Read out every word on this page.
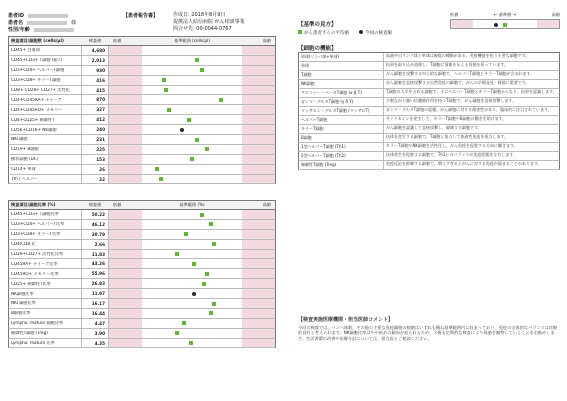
患者ID
患者名	様
性別/年齢
【患者報告書】	作成日: 2018年8月9日
提携法人結信病院 がん相談事業
問合せ先: 00-0044-0767
検査項目/細胞数 (cells/μl)	検査値	低値	基準範囲 (cells/μl)	高値
CD45+ 白血球	4,680
CD45+CD3+ T細胞 (総T)	2,013
CD3+CD4+ ヘルパーT細胞	930
CD3+CD8+ キラーT細胞	416
CD8+ CD28+ CD27+ 活性化	415
CD4+CD45RA+ ナイーブ	870
CD4+CD45RO+ メモリー	327
CD4+CD25+ 制御性T	412
CD56+CD16+ NK細胞	240
NKT細胞	231
CD19+ B細胞	225
樹状細胞 (DC)	153
CD14+ 単球	26
Tfh / ヘルパー	22
検査項目/細胞比率 (%)	検査値	低値	基準範囲 (%)	高値
CD45+CD3+ T細胞比率	50.22
CD3+CD4+ ヘルパーT比率	46.12
CD3+CD8+ キラーT比率	20.79
CD4/CD8 比	2.66
CD28+CD27+ 活性化比率	11.83
CD45RA+ ナイーブ比率	43.26
CD45RO+ メモリー比率	55.96
CD25+ 制御性T比率	26.83
NK細胞比率	11.97
NKT細胞比率	16.17
B細胞比率	16.44
Lympho. mature 細胞比率	4.47
制御性T細胞 (Treg)	3.90
Lympho. mature 比率	4.35
【基準の見方】
がん患者さんの平均値	今回の検査値
低値	← 基準値 →	高値
【細胞の機能】
単球(リンパ球+単球)	血液中のリンパ球と単球は複数の種類がある。免疫機能を担う主要な細胞です。
単球	抗原を取り込み処理し、T細胞に情報を伝える役割を担っています。
T細胞	がん細胞を攻撃する中心的な細胞で、ヘルパーT細胞とキラーT細胞が含まれます。
NK細胞	がん細胞を直接攻撃する自然免疫の細胞で、がんの早期発見・排除に重要です。
アルファー・ベータT細胞 (α β T)	T細胞の大半を占める細胞で、主にヘルパーT細胞とキラーT細胞からなり、抗原を認識します。
ガンマ・デルタT細胞 (γ δ T)	少数ながら強い抗腫瘍作用を持つT細胞で、がん細胞を直接攻撃します。
マッサロン・デルタT細胞 (マッサロT)	ガンマ・デルタT細胞の亜種。がん細胞に対する傷害性があり、臨床的に注目されています。
ヘルパーT細胞	サイトカインを産生して、キラーT細胞やB細胞の働きを助けます。
キラーT細胞	がん細胞を認識して直接攻撃し、破壊する細胞です。
B細胞	抗体を産生する細胞で、T細胞と協力して体液性免疫を担当します。
1型ヘルパーT細胞 (Th1)	キラーT細胞やNK細胞を活性化し、がん免疫を促進する方向に働きます。
2型ヘルパーT細胞 (Th2)	抗体産生を促進する細胞で、Th1とのバランスが免疫状態を左右します。
制御性T細胞 (Treg)	免疫反応を抑制する細胞で、増えすぎるとがんに対する免疫が弱まることがあります。
【検査実施医療機関・担当医師コメント】
今回の検査では、リンパ球数、その他の主要な免疫細胞の数値はいずれも概ね基準範囲内に収まっており、免疫の全体的なバランスは比較的良好と考えられます。NK細胞比率はやや低めの傾向が見られるため、今後も定期的な検査により経過を観察していくことをお勧めします。生活習慣の改善や治療方針については、担当医とご相談ください。
